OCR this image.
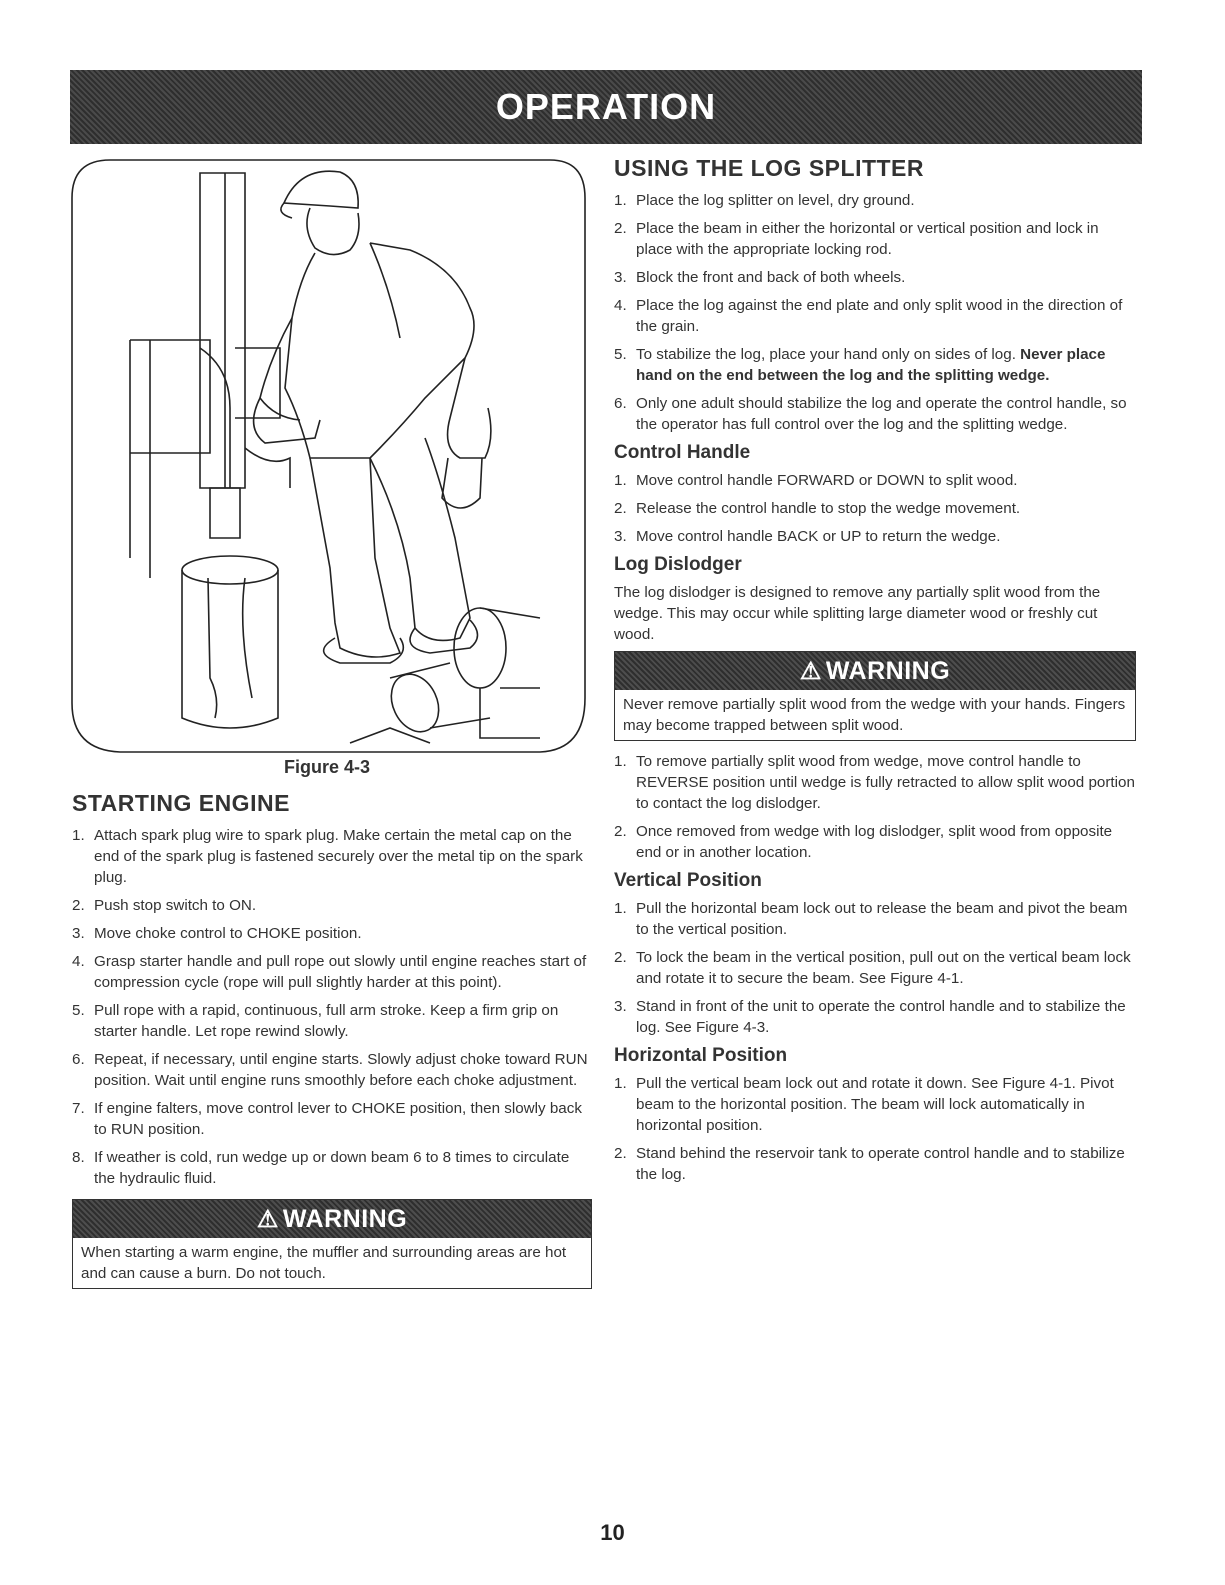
OPERATION
Figure 4-3
STARTING ENGINE
1. Attach spark plug wire to spark plug. Make certain the metal cap on the end of the spark plug is fastened securely over the metal tip on the spark plug.
2. Push stop switch to ON.
3. Move choke control to CHOKE position.
4. Grasp starter handle and pull rope out slowly until engine reaches start of compression cycle (rope will pull slightly harder at this point).
5. Pull rope with a rapid, continuous, full arm stroke. Keep a firm grip on starter handle. Let rope rewind slowly.
6. Repeat, if necessary, until engine starts. Slowly adjust choke toward RUN position. Wait until engine runs smoothly before each choke adjustment.
7. If engine falters, move control lever to CHOKE position, then slowly back to RUN position.
8. If weather is cold, run wedge up or down beam 6 to 8 times to circulate the hydraulic fluid.
⚠ WARNING
When starting a warm engine, the muffler and surrounding areas are hot and can cause a burn. Do not touch.
USING THE LOG SPLITTER
1. Place the log splitter on level, dry ground.
2. Place the beam in either the horizontal or vertical position and lock in place with the appropriate locking rod.
3. Block the front and back of both wheels.
4. Place the log against the end plate and only split wood in the direction of the grain.
5. To stabilize the log, place your hand only on sides of log. Never place hand on the end between the log and the splitting wedge.
6. Only one adult should stabilize the log and operate the control handle, so the operator has full control over the log and the splitting wedge.
Control Handle
1. Move control handle FORWARD or DOWN to split wood.
2. Release the control handle to stop the wedge movement.
3. Move control handle BACK or UP to return the wedge.
Log Dislodger

The log dislodger is designed to remove any partially split wood from the wedge. This may occur while splitting large diameter wood or freshly cut wood.

⚠ WARNING
Never remove partially split wood from the wedge with your hands. Fingers may become trapped between split wood.
1. To remove partially split wood from wedge, move control handle to REVERSE position until wedge is fully retracted to allow split wood portion to contact the log dislodger.
2. Once removed from wedge with log dislodger, split wood from opposite end or in another location.
Vertical Position
1. Pull the horizontal beam lock out to release the beam and pivot the beam to the vertical position.
2. To lock the beam in the vertical position, pull out on the vertical beam lock and rotate it to secure the beam. See Figure 4-1.
3. Stand in front of the unit to operate the control handle and to stabilize the log. See Figure 4-3.
Horizontal Position
1. Pull the vertical beam lock out and rotate it down. See Figure 4-1. Pivot beam to the horizontal position. The beam will lock automatically in horizontal position.
2. Stand behind the reservoir tank to operate control handle and to stabilize the log.
10
